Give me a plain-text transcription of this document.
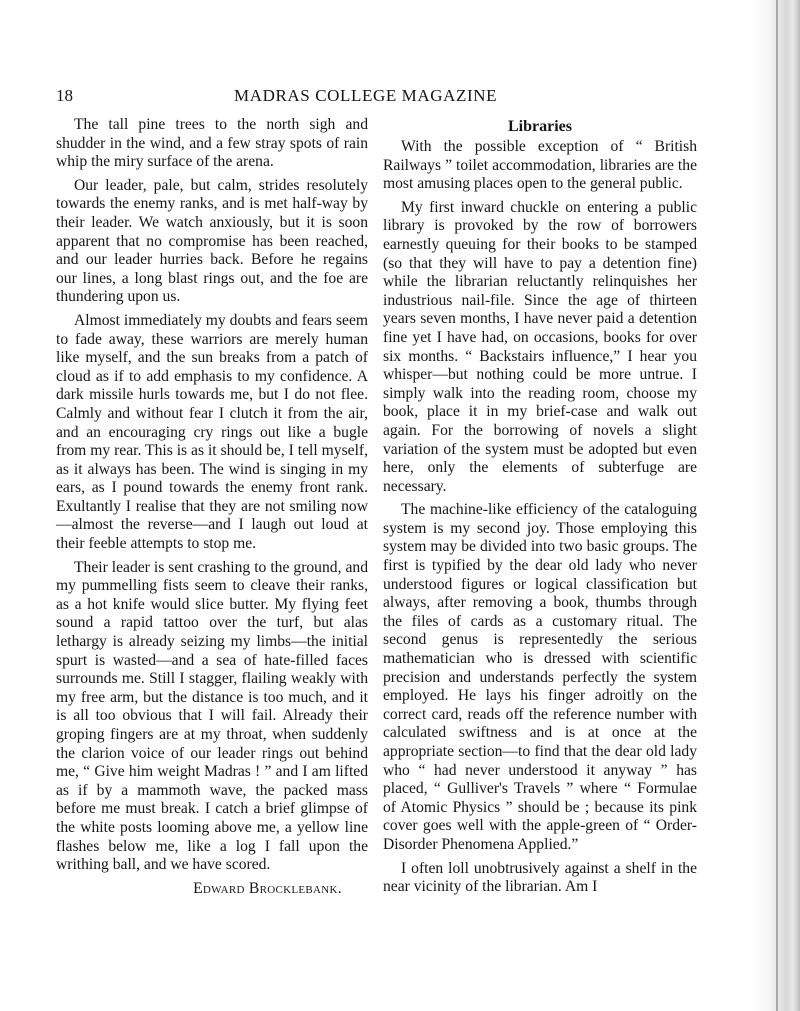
18	MADRAS COLLEGE MAGAZINE

The tall pine trees to the north sigh and shudder in the wind, and a few stray spots of rain whip the miry surface of the arena.

Our leader, pale, but calm, strides resolutely towards the enemy ranks, and is met half-way by their leader. We watch anxiously, but it is soon apparent that no compromise has been reached, and our leader hurries back. Before he regains our lines, a long blast rings out, and the foe are thundering upon us.

Almost immediately my doubts and fears seem to fade away, these warriors are merely human like myself, and the sun breaks from a patch of cloud as if to add emphasis to my confidence. A dark missile hurls towards me, but I do not flee. Calmly and without fear I clutch it from the air, and an encouraging cry rings out like a bugle from my rear. This is as it should be, I tell myself, as it always has been. The wind is singing in my ears, as I pound towards the enemy front rank. Exultantly I realise that they are not smiling now—almost the reverse—and I laugh out loud at their feeble attempts to stop me.

Their leader is sent crashing to the ground, and my pummelling fists seem to cleave their ranks, as a hot knife would slice butter. My flying feet sound a rapid tattoo over the turf, but alas lethargy is already seizing my limbs—the initial spurt is wasted—and a sea of hate-filled faces surrounds me. Still I stagger, flailing weakly with my free arm, but the distance is too much, and it is all too obvious that I will fail. Already their groping fingers are at my throat, when suddenly the clarion voice of our leader rings out behind me, “ Give him weight Madras ! ” and I am lifted as if by a mammoth wave, the packed mass before me must break. I catch a brief glimpse of the white posts looming above me, a yellow line flashes below me, like a log I fall upon the writhing ball, and we have scored.

Edward Brocklebank.
Libraries

With the possible exception of “ British Railways ” toilet accommodation, libraries are the most amusing places open to the general public.

My first inward chuckle on entering a public library is provoked by the row of borrowers earnestly queuing for their books to be stamped (so that they will have to pay a detention fine) while the librarian reluctantly relinquishes her industrious nail-file. Since the age of thirteen years seven months, I have never paid a detention fine yet I have had, on occasions, books for over six months. “ Backstairs influence,” I hear you whisper—but nothing could be more untrue. I simply walk into the reading room, choose my book, place it in my brief-case and walk out again. For the borrowing of novels a slight variation of the system must be adopted but even here, only the elements of subterfuge are necessary.

The machine-like efficiency of the cataloguing system is my second joy. Those employing this system may be divided into two basic groups. The first is typified by the dear old lady who never understood figures or logical classification but always, after removing a book, thumbs through the files of cards as a customary ritual. The second genus is representedly the serious mathematician who is dressed with scientific precision and understands perfectly the system employed. He lays his finger adroitly on the correct card, reads off the reference number with calculated swiftness and is at once at the appropriate section—to find that the dear old lady who “ had never understood it anyway ” has placed, “ Gulliver's Travels ” where “ Formulae of Atomic Physics ” should be ; because its pink cover goes well with the apple-green of “ Order-Disorder Phenomena Applied.”

I often loll unobtrusively against a shelf in the near vicinity of the librarian. Am I
